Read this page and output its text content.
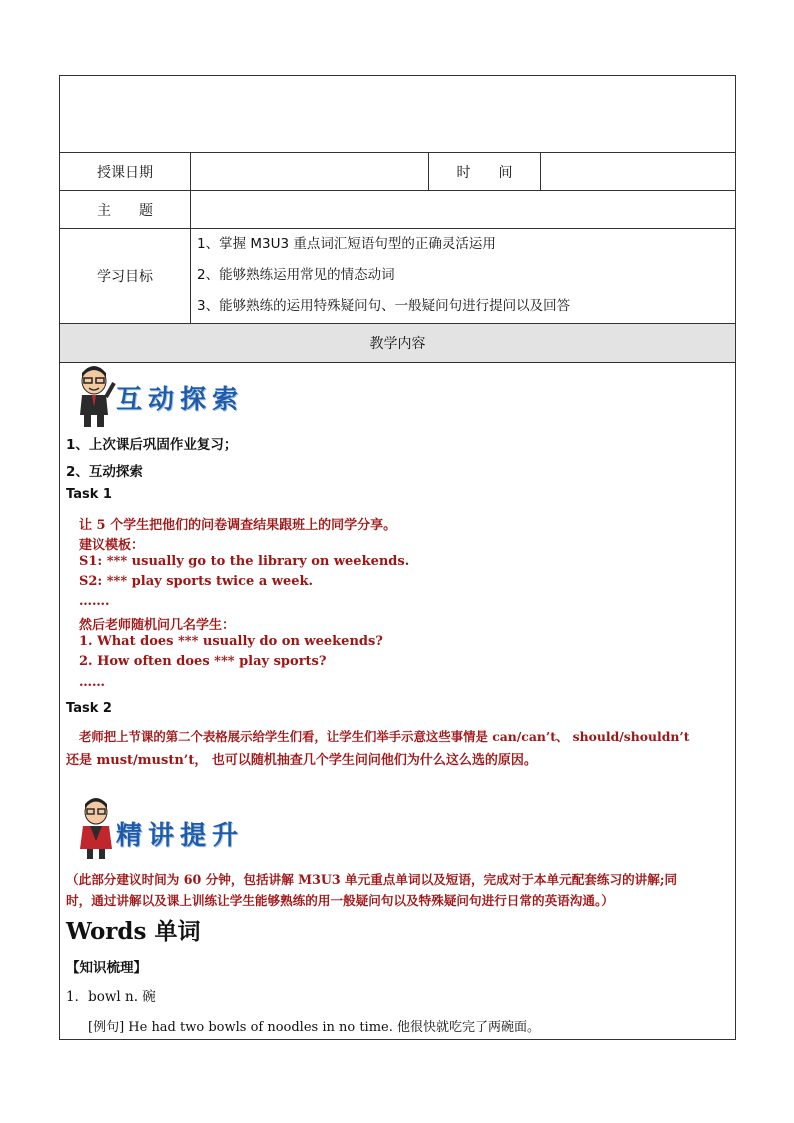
授课日期	时　　间
主　　题
学习目标
1、掌握 M3U3 重点词汇短语句型的正确灵活运用
2、能够熟练运用常见的情态动词
3、能够熟练的运用特殊疑问句、一般疑问句进行提问以及回答
教学内容
互动探索
1、上次课后巩固作业复习；
2、互动探索
Task 1
让 5 个学生把他们的问卷调查结果跟班上的同学分享。
建议模板：
S1: *** usually go to the library on weekends.
S2: *** play sports twice a week.
…….
然后老师随机问几名学生：
1. What does *** usually do on weekends?
2. How often does *** play sports?
……
Task 2
老师把上节课的第二个表格展示给学生们看，让学生们举手示意这些事情是 can/can’t、 should/shouldn’t
还是 must/mustn’t， 也可以随机抽查几个学生问问他们为什么这么选的原因。
精讲提升
（此部分建议时间为 60 分钟，包括讲解 M3U3 单元重点单词以及短语，完成对于本单元配套练习的讲解;同
时，通过讲解以及课上训练让学生能够熟练的用一般疑问句以及特殊疑问句进行日常的英语沟通。）
Words 单词
【知识梳理】
1．bowl n. 碗
[例句] He had two bowls of noodles in no time. 他很快就吃完了两碗面。
